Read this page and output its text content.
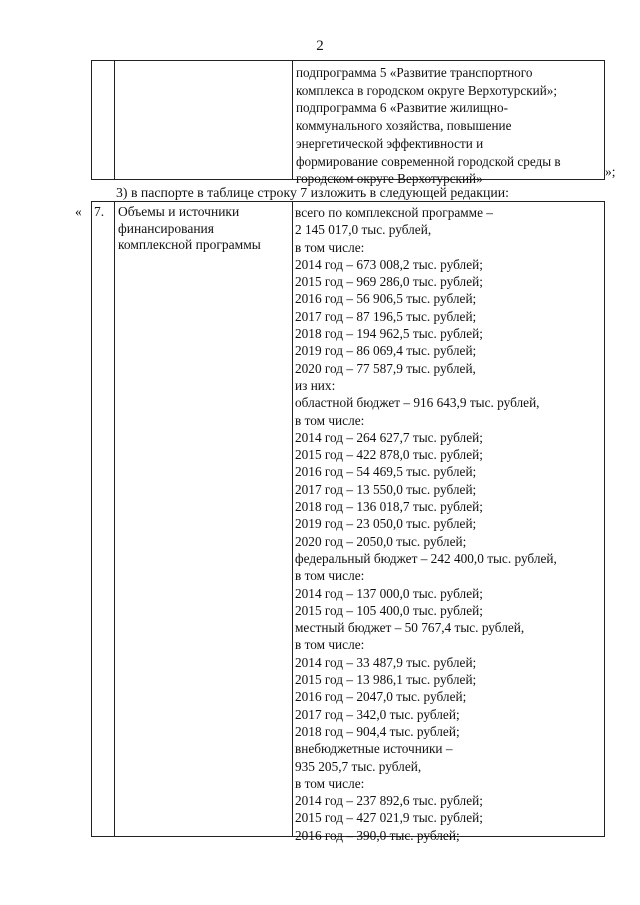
2
подпрограмма 5 «Развитие транспортного
комплекса в городском округе Верхотурский»;
подпрограмма 6 «Развитие жилищно-
коммунального хозяйства, повышение
энергетической эффективности и
формирование современной городской среды в
городском округе Верхотурский»	»;
3) в паспорте в таблице строку 7 изложить в следующей редакции:
« 7. Объемы и источники
финансирования
комплексной программы
всего по комплексной программе –
2 145 017,0 тыс. рублей,
в том числе:
2014 год – 673 008,2 тыс. рублей;
2015 год – 969 286,0 тыс. рублей;
2016 год – 56 906,5 тыс. рублей;
2017 год – 87 196,5 тыс. рублей;
2018 год – 194 962,5 тыс. рублей;
2019 год – 86 069,4 тыс. рублей;
2020 год – 77 587,9 тыс. рублей,
из них:
областной бюджет – 916 643,9 тыс. рублей,
в том числе:
2014 год – 264 627,7 тыс. рублей;
2015 год – 422 878,0 тыс. рублей;
2016 год – 54 469,5 тыс. рублей;
2017 год – 13 550,0 тыс. рублей;
2018 год – 136 018,7 тыс. рублей;
2019 год – 23 050,0 тыс. рублей;
2020 год – 2050,0 тыс. рублей;
федеральный бюджет – 242 400,0 тыс. рублей,
в том числе:
2014 год – 137 000,0 тыс. рублей;
2015 год – 105 400,0 тыс. рублей;
местный бюджет – 50 767,4 тыс. рублей,
в том числе:
2014 год – 33 487,9 тыс. рублей;
2015 год – 13 986,1 тыс. рублей;
2016 год – 2047,0 тыс. рублей;
2017 год – 342,0 тыс. рублей;
2018 год – 904,4 тыс. рублей;
внебюджетные источники –
935 205,7 тыс. рублей,
в том числе:
2014 год – 237 892,6 тыс. рублей;
2015 год – 427 021,9 тыс. рублей;
2016 год – 390,0 тыс. рублей;
